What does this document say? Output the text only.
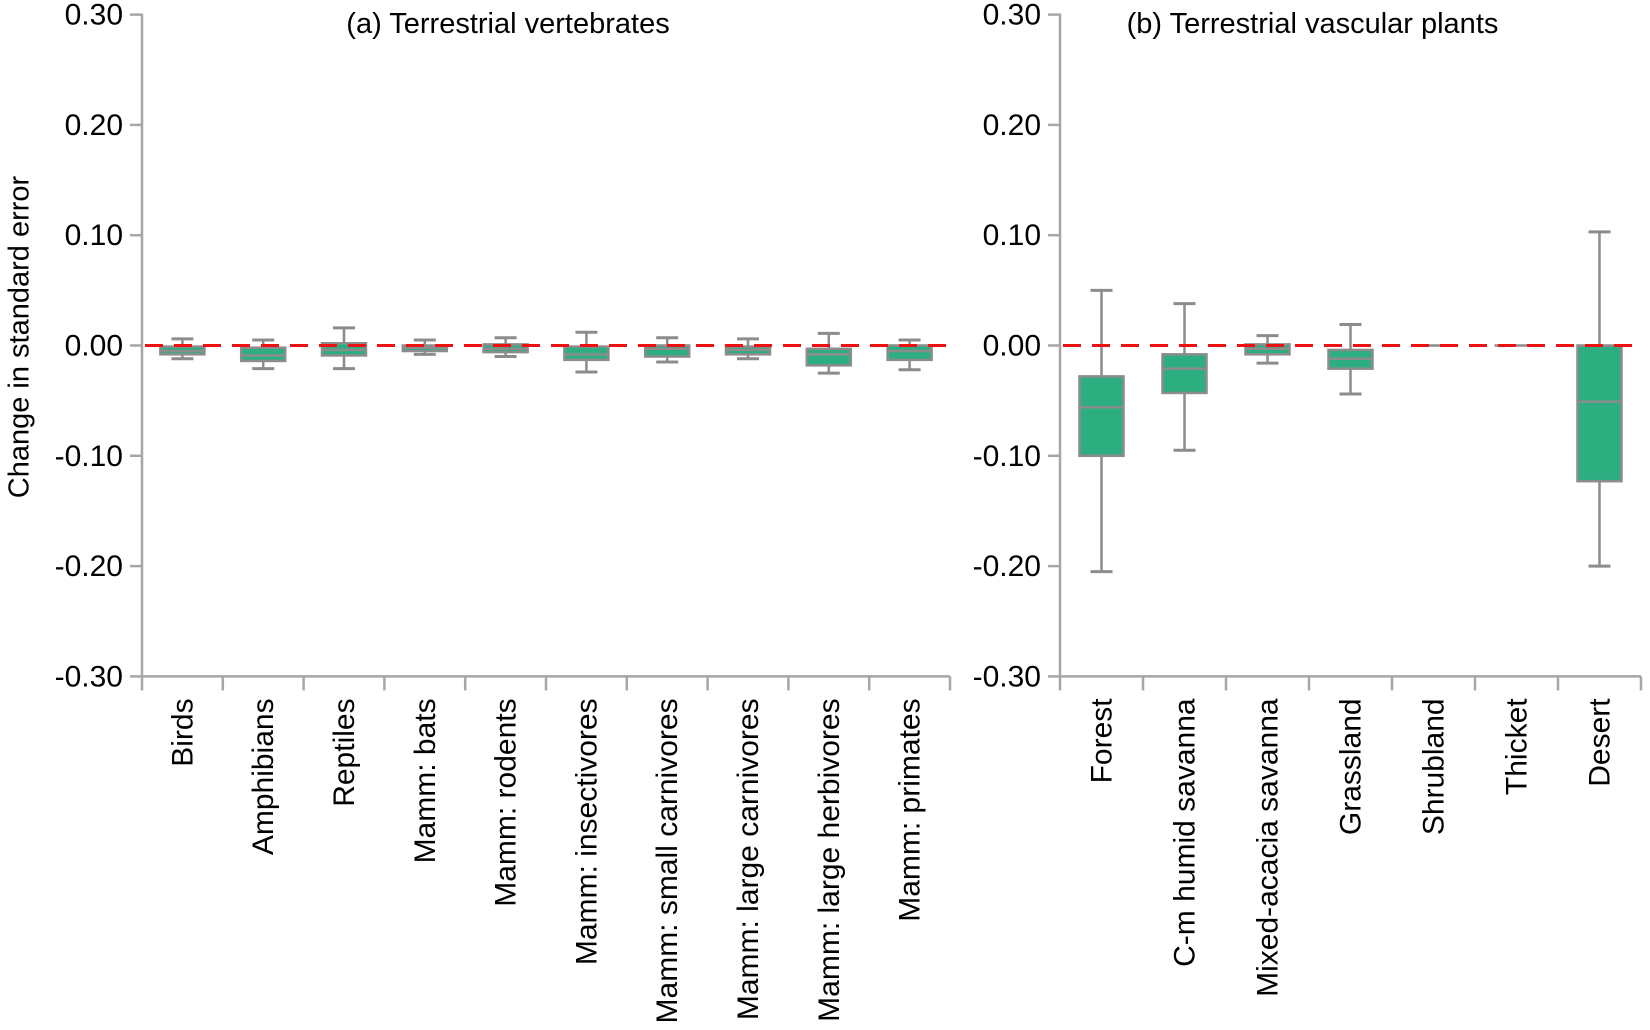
Change in standard error
0.30
0.20
0.10
0.00
-0.10
-0.20
-0.30
Birds Amphibians Reptiles Mamm: bats Mamm: rodents Mamm: insectivores Mamm: small carnivores Mamm: large carnivores Mamm: large herbivores Mamm: primates
(a) Terrestrial vertebrates	0.30
0.20
0.10
0.00
-0.10
-0.20
-0.30
Forest C-m humid savanna Mixed-acacia savanna Grassland Shrubland Thicket Desert
(b) Terrestrial vascular plants
